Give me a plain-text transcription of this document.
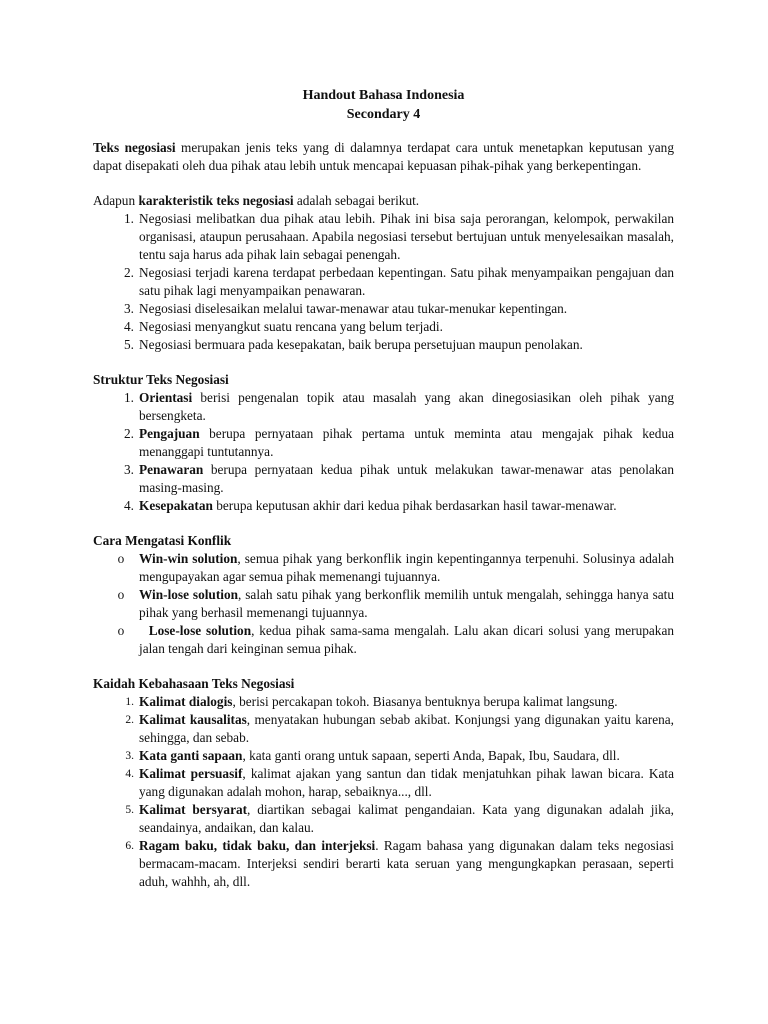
Handout Bahasa Indonesia
Secondary 4

Teks negosiasi merupakan jenis teks yang di dalamnya terdapat cara untuk menetapkan keputusan yang dapat disepakati oleh dua pihak atau lebih untuk mencapai kepuasan pihak-pihak yang berkepentingan.

Adapun karakteristik teks negosiasi adalah sebagai berikut.

1. Negosiasi melibatkan dua pihak atau lebih. Pihak ini bisa saja perorangan, kelompok, perwakilan organisasi, ataupun perusahaan. Apabila negosiasi tersebut bertujuan untuk menyelesaikan masalah, tentu saja harus ada pihak lain sebagai penengah.
2. Negosiasi terjadi karena terdapat perbedaan kepentingan. Satu pihak menyampaikan pengajuan dan satu pihak lagi menyampaikan penawaran.
3. Negosiasi diselesaikan melalui tawar-menawar atau tukar-menukar kepentingan.
4. Negosiasi menyangkut suatu rencana yang belum terjadi.
5. Negosiasi bermuara pada kesepakatan, baik berupa persetujuan maupun penolakan.
Struktur Teks Negosiasi
1. Orientasi berisi pengenalan topik atau masalah yang akan dinegosiasikan oleh pihak yang bersengketa.
2. Pengajuan berupa pernyataan pihak pertama untuk meminta atau mengajak pihak kedua menanggapi tuntutannya.
3. Penawaran berupa pernyataan kedua pihak untuk melakukan tawar-menawar atas penolakan masing-masing.
4. Kesepakatan berupa keputusan akhir dari kedua pihak berdasarkan hasil tawar-menawar.
Cara Mengatasi Konflik
o Win-win solution, semua pihak yang berkonflik ingin kepentingannya terpenuhi. Solusinya adalah mengupayakan agar semua pihak memenangi tujuannya.
o Win-lose solution, salah satu pihak yang berkonflik memilih untuk mengalah, sehingga hanya satu pihak yang berhasil memenangi tujuannya.
o Lose-lose solution, kedua pihak sama-sama mengalah. Lalu akan dicari solusi yang merupakan jalan tengah dari keinginan semua pihak.
Kaidah Kebahasaan Teks Negosiasi
1. Kalimat dialogis, berisi percakapan tokoh. Biasanya bentuknya berupa kalimat langsung.
2. Kalimat kausalitas, menyatakan hubungan sebab akibat. Konjungsi yang digunakan yaitu karena, sehingga, dan sebab.
3. Kata ganti sapaan, kata ganti orang untuk sapaan, seperti Anda, Bapak, Ibu, Saudara, dll.
4. Kalimat persuasif, kalimat ajakan yang santun dan tidak menjatuhkan pihak lawan bicara. Kata yang digunakan adalah mohon, harap, sebaiknya..., dll.
5. Kalimat bersyarat, diartikan sebagai kalimat pengandaian. Kata yang digunakan adalah jika, seandainya, andaikan, dan kalau.
6. Ragam baku, tidak baku, dan interjeksi. Ragam bahasa yang digunakan dalam teks negosiasi bermacam-macam. Interjeksi sendiri berarti kata seruan yang mengungkapkan perasaan, seperti aduh, wahhh, ah, dll.
